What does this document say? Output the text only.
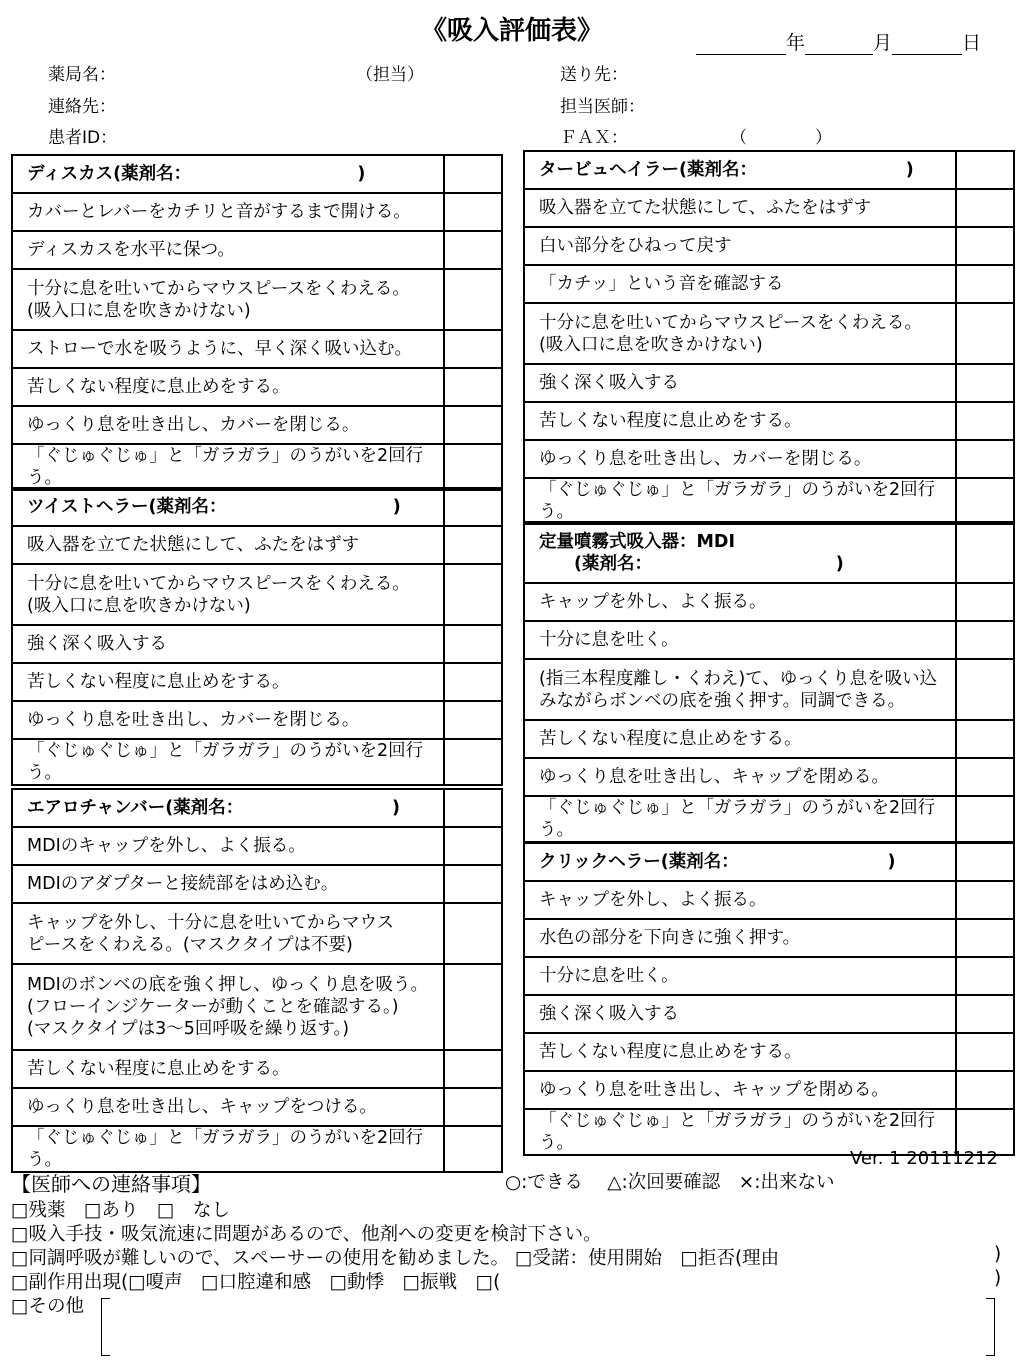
《吸入評価表》	年	月	日
薬局名：	（担当）	送り先：
連絡先：	担当医師：
患者ID：	ＦＡＸ：	（　　　　）
ディスカス(薬剤名：　　　　　　　　　　)	
カバーとレバーをカチリと音がするまで開ける。	
ディスカスを水平に保つ。	

十分に息を吐いてからマウスピースをくわえる。
(吸入口に息を吹きかけない)	

ストローで水を吸うように、早く深く吸い込む。	
苦しくない程度に息止めをする。	
ゆっくり息を吐き出し、カバーを閉じる。	
「ぐじゅぐじゅ」と「ガラガラ」のうがいを2回行う。	
ツイストヘラー(薬剤名：　　　　　　　　　　)	
吸入器を立てた状態にして、ふたをはずす	

十分に息を吐いてからマウスピースをくわえる。
(吸入口に息を吹きかけない)	

強く深く吸入する	
苦しくない程度に息止めをする。	
ゆっくり息を吐き出し、カバーを閉じる。	
「ぐじゅぐじゅ」と「ガラガラ」のうがいを2回行う。	
エアロチャンバー(薬剤名：　　　　　　　　　)	
MDIのキャップを外し、よく振る。	
MDIのアダプターと接続部をはめ込む。	

キャップを外し、十分に息を吐いてからマウス
ピースをくわえる。(マスクタイプは不要)	

MDIのボンベの底を強く押し、ゆっくり息を吸う。
(フローインジケーターが動くことを確認する。)
(マスクタイプは3～5回呼吸を繰り返す。)	

苦しくない程度に息止めをする。	
ゆっくり息を吐き出し、キャップをつける。	
「ぐじゅぐじゅ」と「ガラガラ」のうがいを2回行う。	
タービュヘイラー(薬剤名：　　　　　　　　　)	
吸入器を立てた状態にして、ふたをはずす	
白い部分をひねって戻す	
「カチッ」という音を確認する	

十分に息を吐いてからマウスピースをくわえる。
(吸入口に息を吹きかけない)	

強く深く吸入する	
苦しくない程度に息止めをする。	
ゆっくり息を吐き出し、カバーを閉じる。	
「ぐじゅぐじゅ」と「ガラガラ」のうがいを2回行う。	
定量噴霧式吸入器：MDI
　　(薬剤名：　　　　　　　　　　　)	

キャップを外し、よく振る。	
十分に息を吐く。	

(指三本程度離し・くわえ)て、ゆっくり息を吸い込
みながらボンベの底を強く押す。同調できる。	

苦しくない程度に息止めをする。	
ゆっくり息を吐き出し、キャップを閉める。	
「ぐじゅぐじゅ」と「ガラガラ」のうがいを2回行う。	
クリックヘラー(薬剤名：　　　　　　　　　)	
キャップを外し、よく振る。	
水色の部分を下向きに強く押す。	
十分に息を吐く。	
強く深く吸入する	
苦しくない程度に息止めをする。	
ゆっくり息を吐き出し、キャップを閉める。	
「ぐじゅぐじゅ」と「ガラガラ」のうがいを2回行う。	
Ver. 1 20111212
○:できる　 △:次回要確認　×:出来ない
【医師への連絡事項】
□残薬　□あり　□　なし
□吸入手技・吸気流速に問題があるので、他剤への変更を検討下さい。
□同調呼吸が難しいので、スペーサーの使用を勧めました。 □受諾：使用開始　□拒否(理由	)
□副作用出現(□嗄声　□口腔違和感　□動悸　□振戦　□(	)
□その他
